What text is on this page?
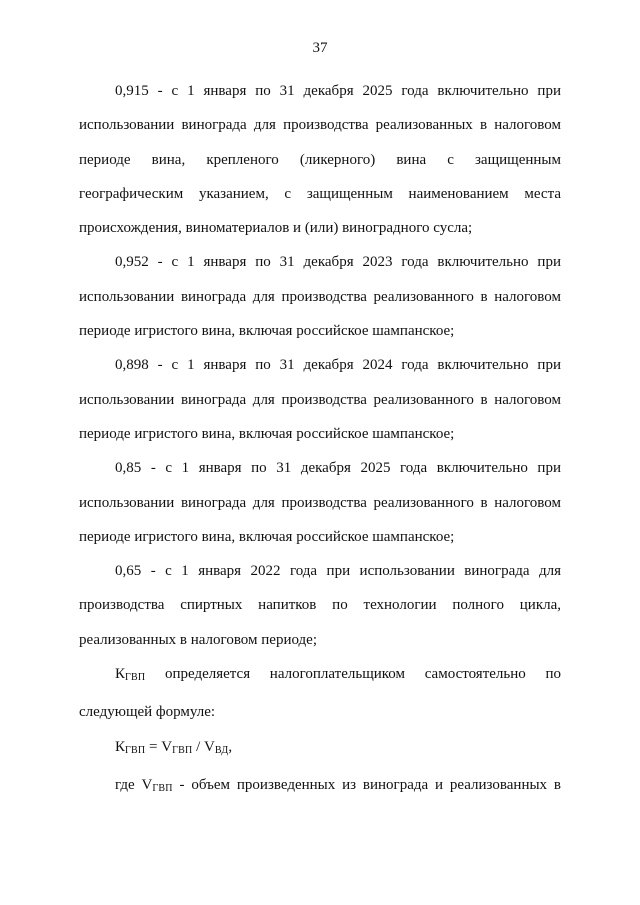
37

0,915 - с 1 января по 31 декабря 2025 года включительно при использовании винограда для производства реализованных в налоговом периоде вина, крепленого (ликерного) вина с защищенным географическим указанием, с защищенным наименованием места происхождения, виноматериалов и (или) виноградного сусла;

0,952 - с 1 января по 31 декабря 2023 года включительно при использовании винограда для производства реализованного в налоговом периоде игристого вина, включая российское шампанское;

0,898 - с 1 января по 31 декабря 2024 года включительно при использовании винограда для производства реализованного в налоговом периоде игристого вина, включая российское шампанское;

0,85 - с 1 января по 31 декабря 2025 года включительно при использовании винограда для производства реализованного в налоговом периоде игристого вина, включая российское шампанское;

0,65 - с 1 января 2022 года при использовании винограда для производства спиртных напитков по технологии полного цикла, реализованных в налоговом периоде;

$К_{ГВП}$ определяется налогоплательщиком самостоятельно по следующей формуле:

$К_{ГВП} = V_{ГВП} / V_{ВД}$,

где $V_{ГВП}$ - объем произведенных из винограда и реализованных в
